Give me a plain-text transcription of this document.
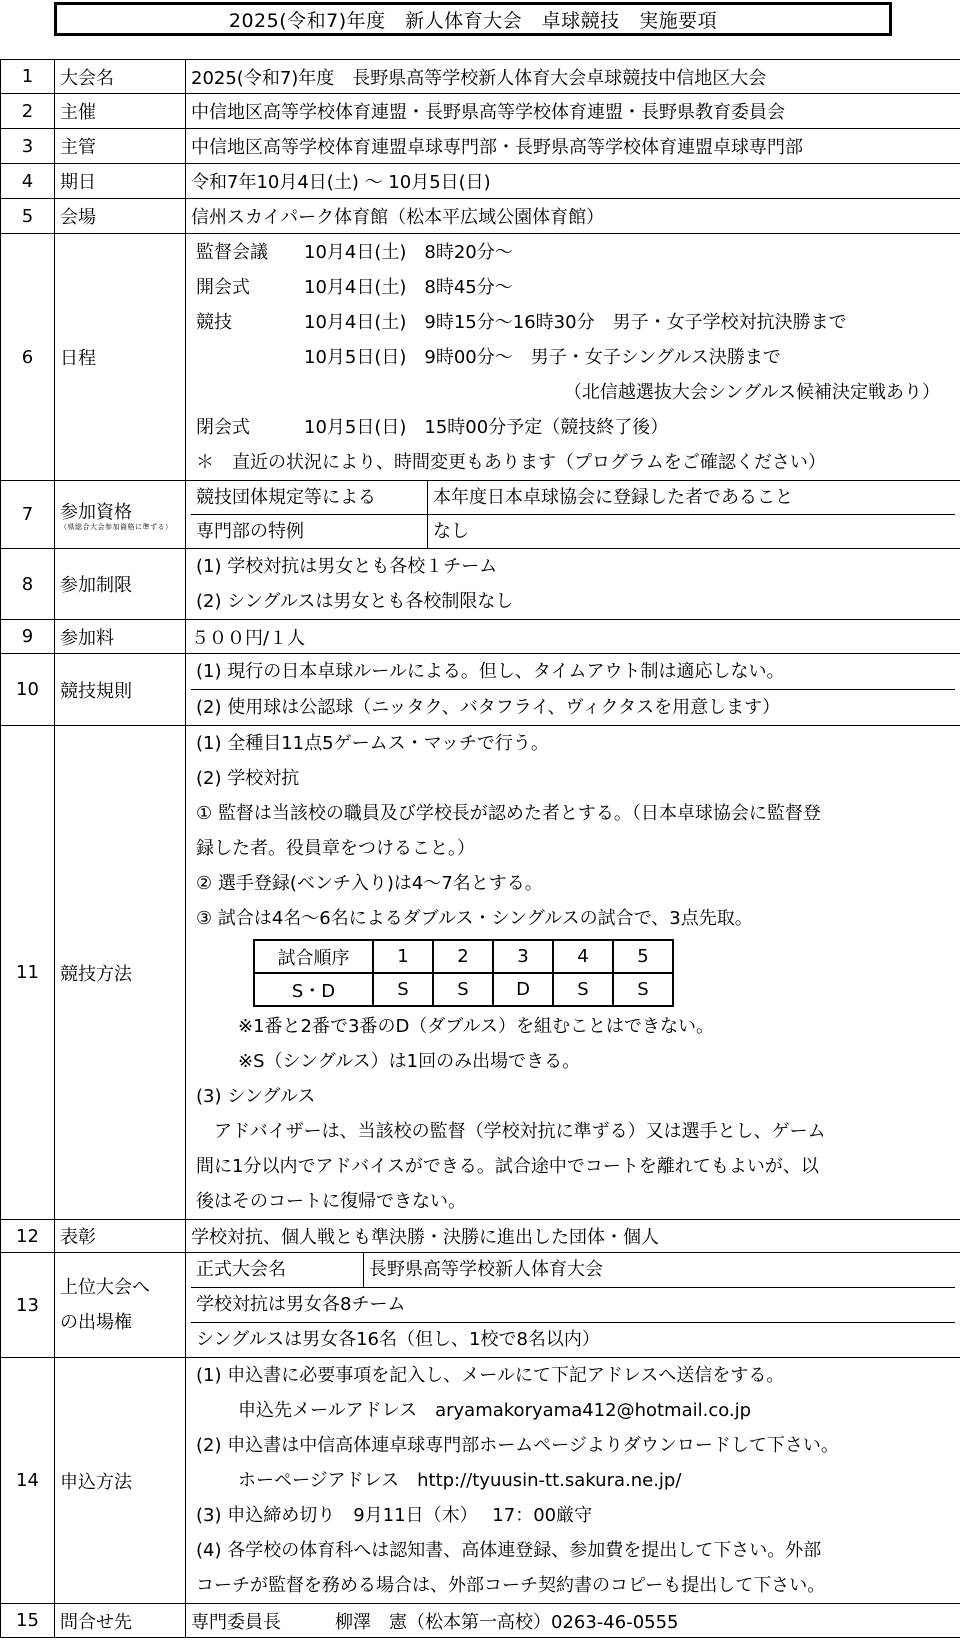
2025(令和7)年度　新人体育大会　卓球競技　実施要項
1	大会名	2025(令和7)年度　長野県高等学校新人体育大会卓球競技中信地区大会
2	主催	中信地区高等学校体育連盟・長野県高等学校体育連盟・長野県教育委員会
3	主管	中信地区高等学校体育連盟卓球専門部・長野県高等学校体育連盟卓球専門部
4	期日	令和7年10月4日(土) ～ 10月5日(日)
5	会場	信州スカイパーク体育館（松本平広域公園体育館）
6	日程	
監督会議　　10月4日(土)　8時20分～
開会式　　　10月4日(土)　8時45分～
競技　　　　10月4日(土)　9時15分～16時30分　男子・女子学校対抗決勝まで
　　　　　　10月5日(日)　9時00分～　男子・女子シングルス決勝まで
（北信越選抜大会シングルス候補決定戦あり）
閉会式　　　10月5日(日)　15時00分予定（競技終了後）
＊　直近の状況により、時間変更もあります（プログラムをご確認ください）

7	参加資格
（県総合大会参加資格に準ずる）

競技団体規定等による	本年度日本卓球協会に登録した者であること
専門部の特例	なし

8	参加制限	
(1) 学校対抗は男女とも各校１チーム
(2) シングルスは男女とも各校制限なし

9	参加料	５００円/１人
10	競技規則	
(1) 現行の日本卓球ルールによる。但し、タイムアウト制は適応しない。
(2) 使用球は公認球（ニッタク、バタフライ、ヴィクタスを用意します）

11	競技方法	
(1) 全種目11点5ゲームス・マッチで行う。
(2) 学校対抗
① 監督は当該校の職員及び学校長が認めた者とする。（日本卓球協会に監督登
録した者。役員章をつけること。）
② 選手登録(ベンチ入り)は4～7名とする。
③ 試合は4名～6名によるダブルス・シングルスの試合で、3点先取。
試合順序	1	2	3	4	5
S・D	S	S	D	S	S
※1番と2番で3番のD（ダブルス）を組むことはできない。
※S（シングルス）は1回のみ出場できる。
(3) シングルス
　アドバイザーは、当該校の監督（学校対抗に準ずる）又は選手とし、ゲーム
間に1分以内でアドバイスができる。試合途中でコートを離れてもよいが、以
後はそのコートに復帰できない。

12	表彰	学校対抗、個人戦とも準決勝・決勝に進出した団体・個人
13	
上位大会へ
の出場権

正式大会名	長野県高等学校新人体育大会
学校対抗は男女各8チーム
シングルスは男女各16名（但し、1校で8名以内）

14	申込方法	
(1) 申込書に必要事項を記入し、メールにて下記アドレスへ送信をする。
申込先メールアドレス　aryamakoryama412@hotmail.co.jp
(2) 申込書は中信高体連卓球専門部ホームページよりダウンロードして下さい。
ホーページアドレス　http://tyuusin-tt.sakura.ne.jp/
(3) 申込締め切り　9月11日（木）　 17：00厳守
(4) 各学校の体育科へは認知書、高体連登録、参加費を提出して下さい。外部
コーチが監督を務める場合は、外部コーチ契約書のコピーも提出して下さい。

15	問合せ先	専門委員長　　　柳澤　憲（松本第一高校）0263-46-0555
